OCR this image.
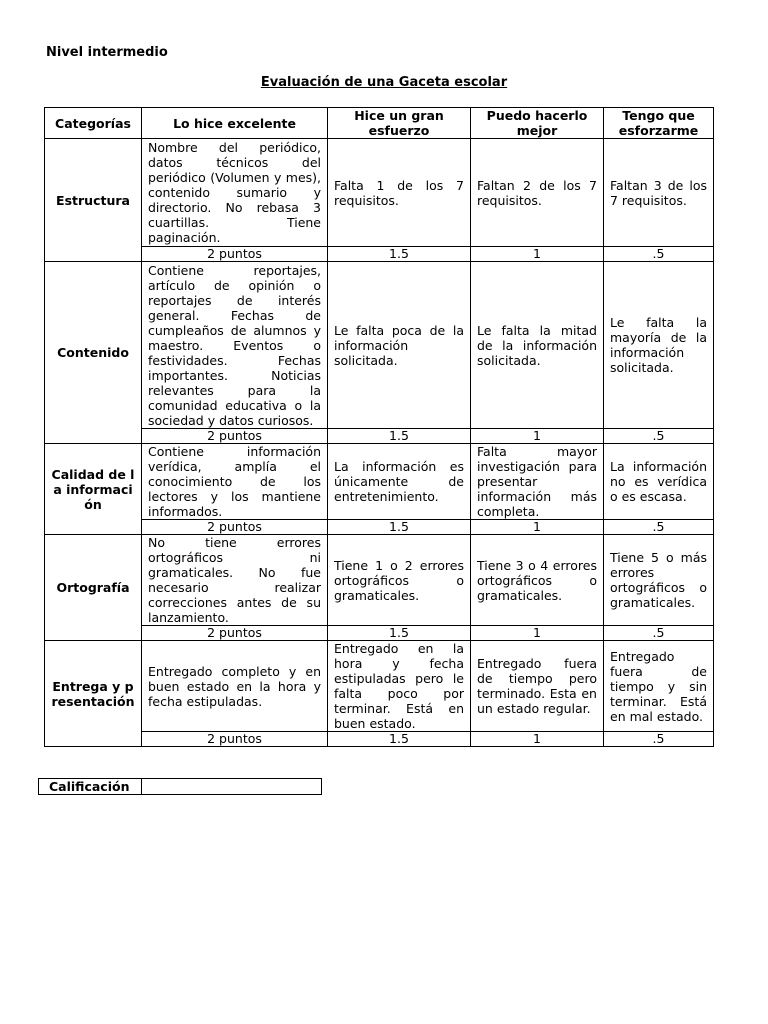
Nivel intermedio
Evaluación de una Gaceta escolar
Categorías	Lo hice excelente	Hice un gran esfuerzo	Puedo hacerlo mejor	Tengo que esforzarme
Estructura	Nombre del periódico, datos técnicos del periódico (Volumen y mes), contenido sumario y directorio. No rebasa 3 cuartillas. Tiene paginación.	Falta 1 de los 7 requisitos.	Faltan 2 de los 7 requisitos.	Faltan 3 de los 7 requisitos.
	2 puntos	1.5	1	.5
Contenido	Contiene reportajes, artículo de opinión o reportajes de interés general. Fechas de cumpleaños de alumnos y maestro. Eventos o festividades. Fechas importantes. Noticias relevantes para la comunidad educativa o la sociedad y datos curiosos.	Le falta poca de la información solicitada.	Le falta la mitad de la información solicitada.	Le falta la mayoría de la información solicitada.
	2 puntos	1.5	1	.5
Calidad de la información	Contiene información verídica, amplía el conocimiento de los lectores y los mantiene informados.	La información es únicamente de entretenimiento.	Falta mayor investigación para presentar información más completa.	La información no es verídica o es escasa.
	2 puntos	1.5	1	.5
Ortografía	No tiene errores ortográficos ni gramaticales. No fue necesario realizar correcciones antes de su lanzamiento.	Tiene 1 o 2 errores ortográficos o gramaticales.	Tiene 3 o 4 errores ortográficos o gramaticales.	Tiene 5 o más errores ortográficos o gramaticales.
	2 puntos	1.5	1	.5
Entrega y presentación	Entregado completo y en buen estado en la hora y fecha estipuladas.	Entregado en la hora y fecha estipuladas pero le falta poco por terminar. Está en buen estado.	Entregado fuera de tiempo pero terminado. Esta en un estado regular.	Entregado fuera de tiempo y sin terminar. Está en mal estado.
	2 puntos	1.5	1	.5
Calificación
